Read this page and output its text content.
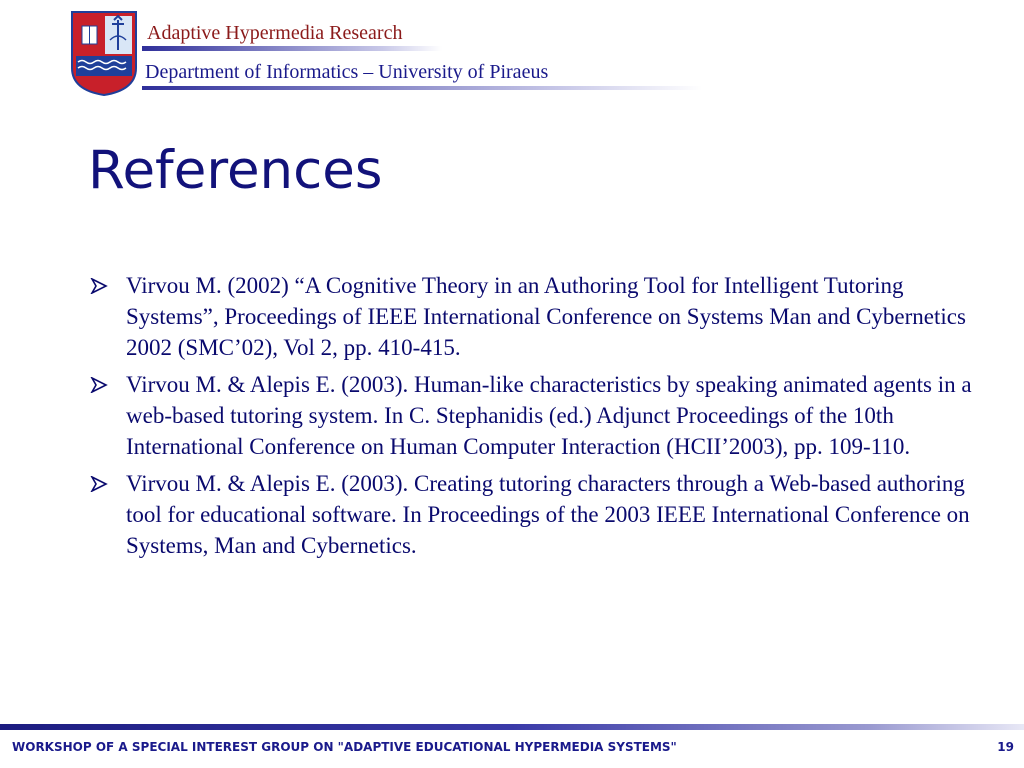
Adaptive Hypermedia Research
Department of Informatics – University of Piraeus
References
Virvou M. (2002) “A Cognitive Theory in an Authoring Tool for Intelligent Tutoring Systems”, Proceedings of IEEE International Conference on Systems Man and Cybernetics 2002 (SMC’02), Vol 2, pp. 410-415.
Virvou M. & Alepis E. (2003). Human-like characteristics by speaking animated agents in a web-based tutoring system. In C. Stephanidis (ed.) Adjunct Proceedings of the 10th International Conference on Human Computer Interaction (HCII’2003), pp. 109-110.
Virvou M. & Alepis E. (2003). Creating tutoring characters through a Web-based authoring tool for educational software. In Proceedings of the 2003 IEEE International Conference on Systems, Man and Cybernetics.
WORKSHOP OF A SPECIAL INTEREST GROUP ON "ADAPTIVE EDUCATIONAL HYPERMEDIA SYSTEMS"	19
